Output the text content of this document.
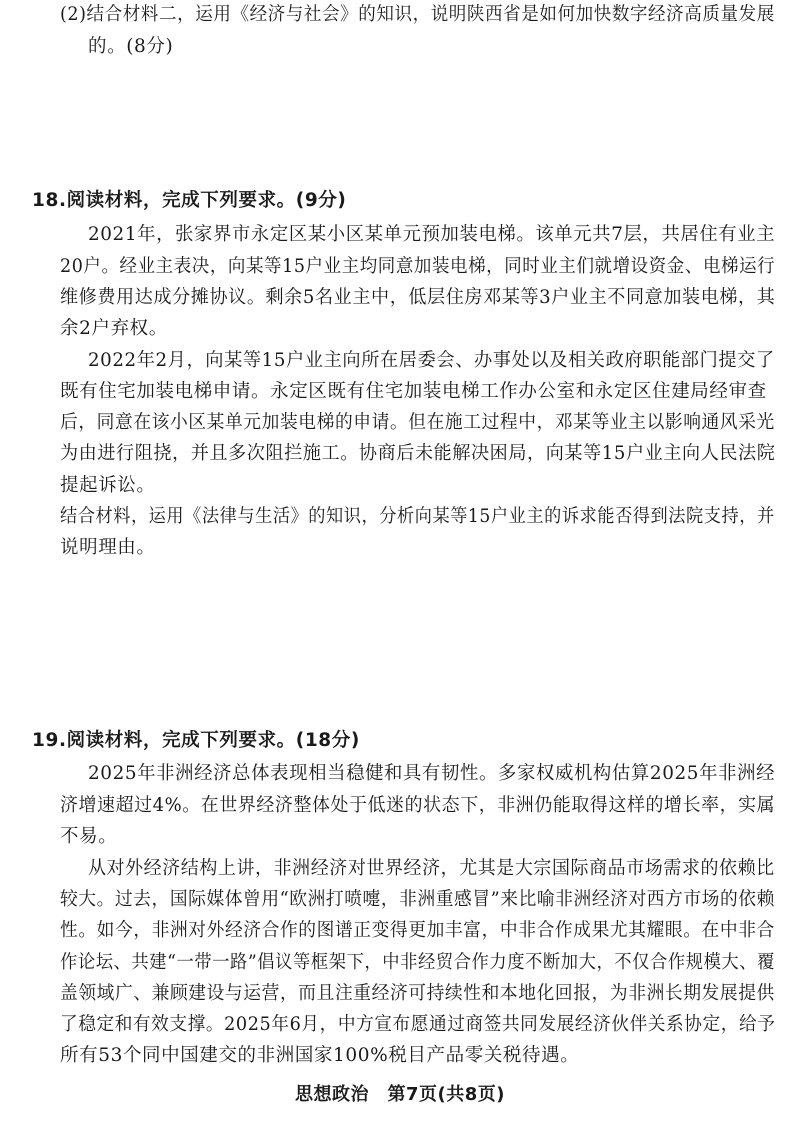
(2)结合材料二，运用《经济与社会》的知识，说明陕西省是如何加快数字经济高质量发展
的。(8分)
18.阅读材料，完成下列要求。(9分)
2021年，张家界市永定区某小区某单元预加装电梯。该单元共7层，共居住有业主
20户。经业主表决，向某等15户业主均同意加装电梯，同时业主们就增设资金、电梯运行
维修费用达成分摊协议。剩余5名业主中，低层住房邓某等3户业主不同意加装电梯，其
余2户弃权。
2022年2月，向某等15户业主向所在居委会、办事处以及相关政府职能部门提交了
既有住宅加装电梯申请。永定区既有住宅加装电梯工作办公室和永定区住建局经审查
后，同意在该小区某单元加装电梯的申请。但在施工过程中，邓某等业主以影响通风采光
为由进行阻挠，并且多次阻拦施工。协商后未能解决困局，向某等15户业主向人民法院
提起诉讼。
结合材料，运用《法律与生活》的知识，分析向某等15户业主的诉求能否得到法院支持，并
说明理由。
19.阅读材料，完成下列要求。(18分)
2025年非洲经济总体表现相当稳健和具有韧性。多家权威机构估算2025年非洲经
济增速超过4%。在世界经济整体处于低迷的状态下，非洲仍能取得这样的增长率，实属
不易。
从对外经济结构上讲，非洲经济对世界经济，尤其是大宗国际商品市场需求的依赖比
较大。过去，国际媒体曾用“欧洲打喷嚏，非洲重感冒”来比喻非洲经济对西方市场的依赖
性。如今，非洲对外经济合作的图谱正变得更加丰富，中非合作成果尤其耀眼。在中非合
作论坛、共建“一带一路”倡议等框架下，中非经贸合作力度不断加大，不仅合作规模大、覆
盖领域广、兼顾建设与运营，而且注重经济可持续性和本地化回报，为非洲长期发展提供
了稳定和有效支撑。2025年6月，中方宣布愿通过商签共同发展经济伙伴关系协定，给予
所有53个同中国建交的非洲国家100%税目产品零关税待遇。
思想政治　第7页(共8页)
